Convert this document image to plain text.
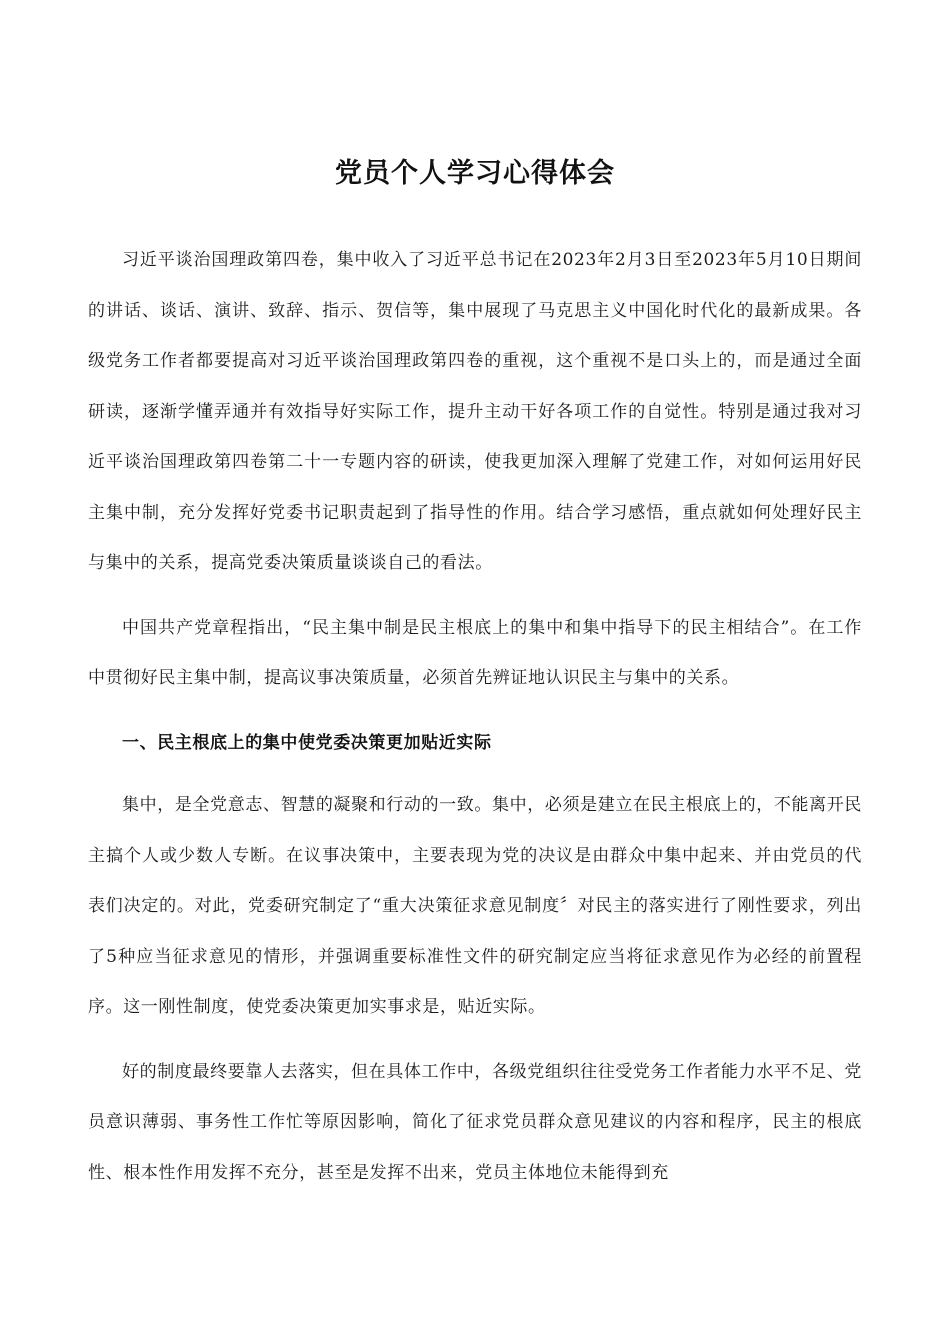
党员个人学习心得体会

习近平谈治国理政第四卷，集中收入了习近平总书记在2023年2月3日至2023年5月10日期间的讲话、谈话、演讲、致辞、指示、贺信等，集中展现了马克思主义中国化时代化的最新成果。各级党务工作者都要提高对习近平谈治国理政第四卷的重视，这个重视不是口头上的，而是通过全面研读，逐渐学懂弄通并有效指导好实际工作，提升主动干好各项工作的自觉性。特别是通过我对习近平谈治国理政第四卷第二十一专题内容的研读，使我更加深入理解了党建工作，对如何运用好民主集中制，充分发挥好党委书记职责起到了指导性的作用。结合学习感悟，重点就如何处理好民主与集中的关系，提高党委决策质量谈谈自己的看法。

中国共产党章程指出，“民主集中制是民主根底上的集中和集中指导下的民主相结合”。在工作中贯彻好民主集中制，提高议事决策质量，必须首先辨证地认识民主与集中的关系。

一、民主根底上的集中使党委决策更加贴近实际

集中，是全党意志、智慧的凝聚和行动的一致。集中，必须是建立在民主根底上的，不能离开民主搞个人或少数人专断。在议事决策中，主要表现为党的决议是由群众中集中起来、并由党员的代表们决定的。对此，党委研究制定了“重大决策征求意见制度〞对民主的落实进行了刚性要求，列出了5种应当征求意见的情形，并强调重要标准性文件的研究制定应当将征求意见作为必经的前置程序。这一刚性制度，使党委决策更加实事求是，贴近实际。

好的制度最终要靠人去落实，但在具体工作中，各级党组织往往受党务工作者能力水平不足、党员意识薄弱、事务性工作忙等原因影响，简化了征求党员群众意见建议的内容和程序，民主的根底性、根本性作用发挥不充分，甚至是发挥不出来，党员主体地位未能得到充
